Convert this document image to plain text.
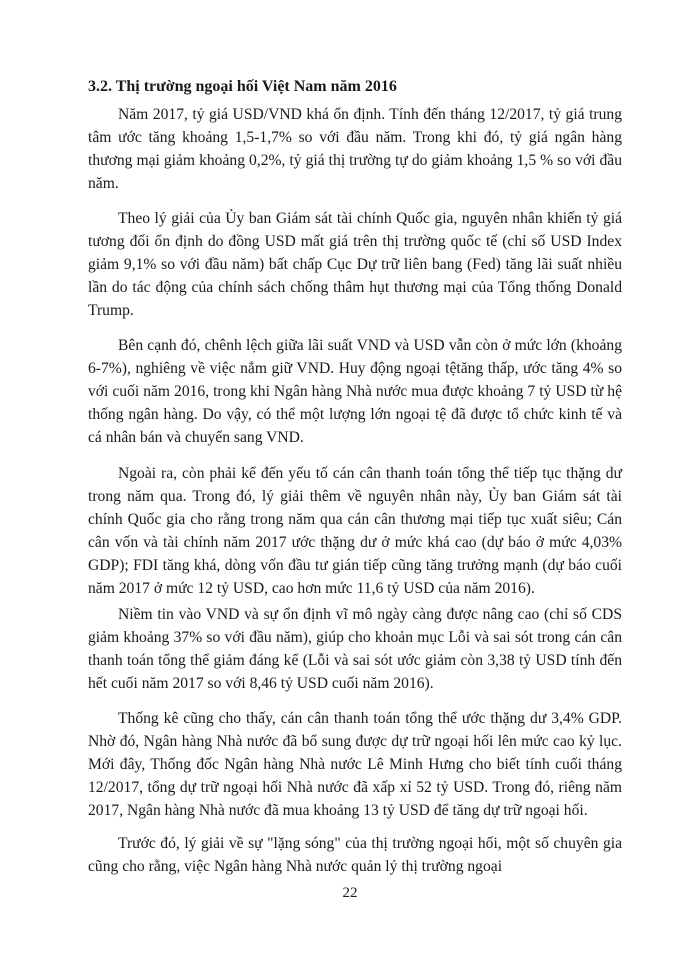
3.2. Thị trường ngoại hối Việt Nam năm 2016

Năm 2017, tỷ giá USD/VND khá ổn định. Tính đến tháng 12/2017, tỷ giá trung tâm ước tăng khoảng 1,5-1,7% so với đầu năm. Trong khi đó, tỷ giá ngân hàng thương mại giảm khoảng 0,2%, tỷ giá thị trường tự do giảm khoảng 1,5 % so với đầu năm.

Theo lý giải của Ủy ban Giám sát tài chính Quốc gia, nguyên nhân khiến tỷ giá tương đối ổn định do đồng USD mất giá trên thị trường quốc tế (chỉ số USD Index giảm 9,1% so với đầu năm) bất chấp Cục Dự trữ liên bang (Fed) tăng lãi suất nhiều lần do tác động của chính sách chống thâm hụt thương mại của Tổng thống Donald Trump.

Bên cạnh đó, chênh lệch giữa lãi suất VND và USD vẫn còn ở mức lớn (khoảng 6-7%), nghiêng về việc nắm giữ VND. Huy động ngoại tệtăng thấp, ước tăng 4% so với cuối năm 2016, trong khi Ngân hàng Nhà nước mua được khoảng 7 tỷ USD từ hệ thống ngân hàng. Do vậy, có thể một lượng lớn ngoại tệ đã được tổ chức kinh tế và cá nhân bán và chuyển sang VND.

Ngoài ra, còn phải kể đến yếu tố cán cân thanh toán tổng thể tiếp tục thặng dư trong năm qua. Trong đó, lý giải thêm về nguyên nhân này, Ủy ban Giám sát tài chính Quốc gia cho rằng trong năm qua cán cân thương mại tiếp tục xuất siêu; Cán cân vốn và tài chính năm 2017 ước thặng dư ở mức khá cao (dự báo ở mức 4,03% GDP); FDI tăng khá, dòng vốn đầu tư gián tiếp cũng tăng trưởng mạnh (dự báo cuối năm 2017 ở mức 12 tỷ USD, cao hơn mức 11,6 tỷ USD của năm 2016).

Niềm tin vào VND và sự ổn định vĩ mô ngày càng được nâng cao (chỉ số CDS giảm khoảng 37% so với đầu năm), giúp cho khoản mục Lỗi và sai sót trong cán cân thanh toán tổng thể giảm đáng kể (Lỗi và sai sót ước giảm còn 3,38 tỷ USD tính đến hết cuối năm 2017 so với 8,46 tỷ USD cuối năm 2016).

Thống kê cũng cho thấy, cán cân thanh toán tổng thể ước thặng dư 3,4% GDP. Nhờ đó, Ngân hàng Nhà nước đã bổ sung được dự trữ ngoại hối lên mức cao kỷ lục. Mới đây, Thống đốc Ngân hàng Nhà nước Lê Minh Hưng cho biết tính cuối tháng 12/2017, tổng dự trữ ngoại hối Nhà nước đã xấp xỉ 52 tỷ USD. Trong đó, riêng năm 2017, Ngân hàng Nhà nước đã mua khoảng 13 tỷ USD để tăng dự trữ ngoại hối.

Trước đó, lý giải về sự "lặng sóng" của thị trường ngoại hối, một số chuyên gia cũng cho rằng, việc Ngân hàng Nhà nước quản lý thị trường ngoại

22
